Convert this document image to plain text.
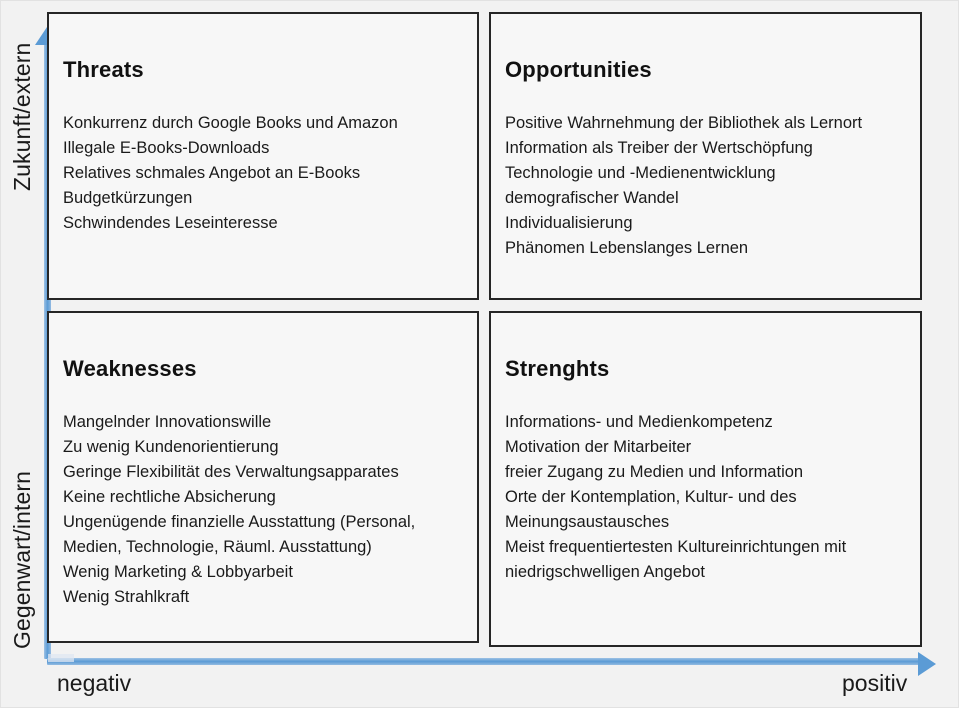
Zukunft/extern
Gegenwart/intern
negativ	positiv
Threats
Konkurrenz durch Google Books und Amazon
Illegale E-Books-Downloads
Relatives schmales Angebot an E-Books
Budgetkürzungen
Schwindendes Leseinteresse
Opportunities
Positive Wahrnehmung der Bibliothek als Lernort
Information als Treiber der Wertschöpfung
Technologie und -Medienentwicklung
demografischer Wandel
Individualisierung
Phänomen Lebenslanges Lernen
Weaknesses
Mangelnder Innovationswille
Zu wenig Kundenorientierung
Geringe Flexibilität des Verwaltungsapparates
Keine rechtliche Absicherung
Ungenügende finanzielle Ausstattung (Personal, Medien, Technologie, Räuml. Ausstattung)
Wenig Marketing & Lobbyarbeit
Wenig Strahlkraft
Strenghts
Informations- und Medienkompetenz
Motivation der Mitarbeiter
freier Zugang zu Medien und Information
Orte der Kontemplation, Kultur- und des Meinungsaustausches
Meist frequentiertesten Kultureinrichtungen mit niedrigschwelligen Angebot
